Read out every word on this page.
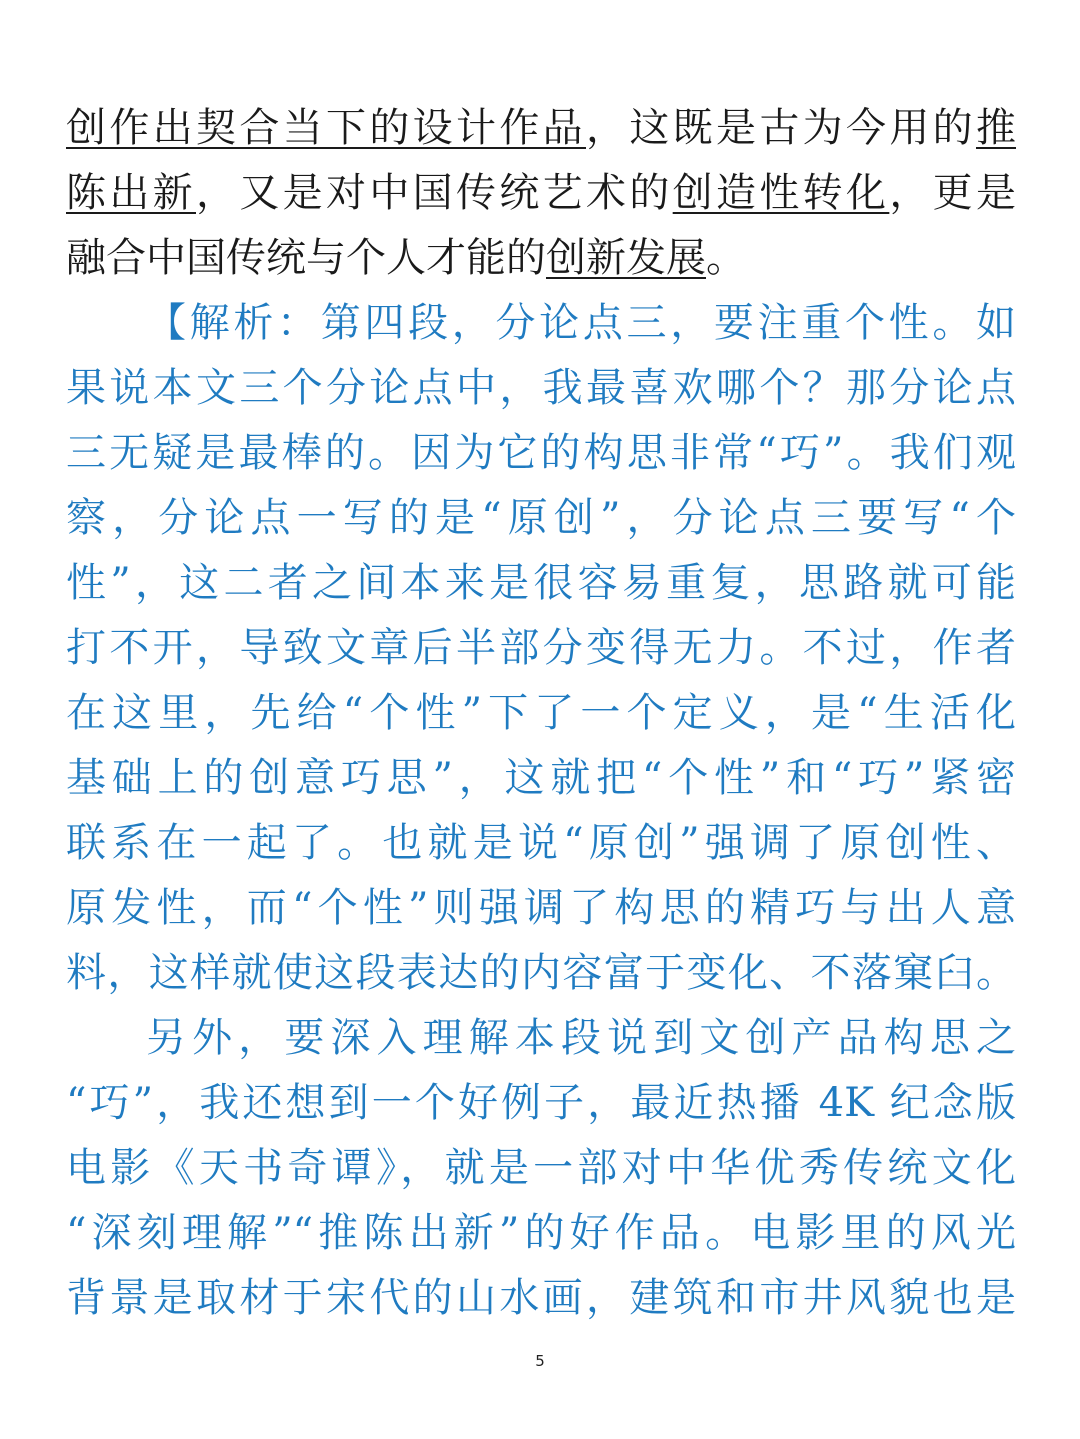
创作出契合当下的设计作品，这既是古为今用的推
陈出新，又是对中国传统艺术的创造性转化，更是
融合中国传统与个人才能的创新发展。
【解析：第四段，分论点三，要注重个性。如
果说本文三个分论点中，我最喜欢哪个？那分论点
三无疑是最棒的。因为它的构思非常“巧”。我们观
察，分论点一写的是“原创”，分论点三要写“个
性”，这二者之间本来是很容易重复，思路就可能
打不开，导致文章后半部分变得无力。不过，作者
在这里，先给“个性”下了一个定义，是“生活化
基础上的创意巧思”，这就把“个性”和“巧”紧密
联系在一起了。也就是说“原创”强调了原创性、
原发性，而“个性”则强调了构思的精巧与出人意
料，这样就使这段表达的内容富于变化、不落窠臼。
另外，要深入理解本段说到文创产品构思之
“巧”，我还想到一个好例子，最近热播 4K 纪念版
电影《天书奇谭》，就是一部对中华优秀传统文化
“深刻理解”“推陈出新”的好作品。电影里的风光
背景是取材于宋代的山水画，建筑和市井风貌也是
5
